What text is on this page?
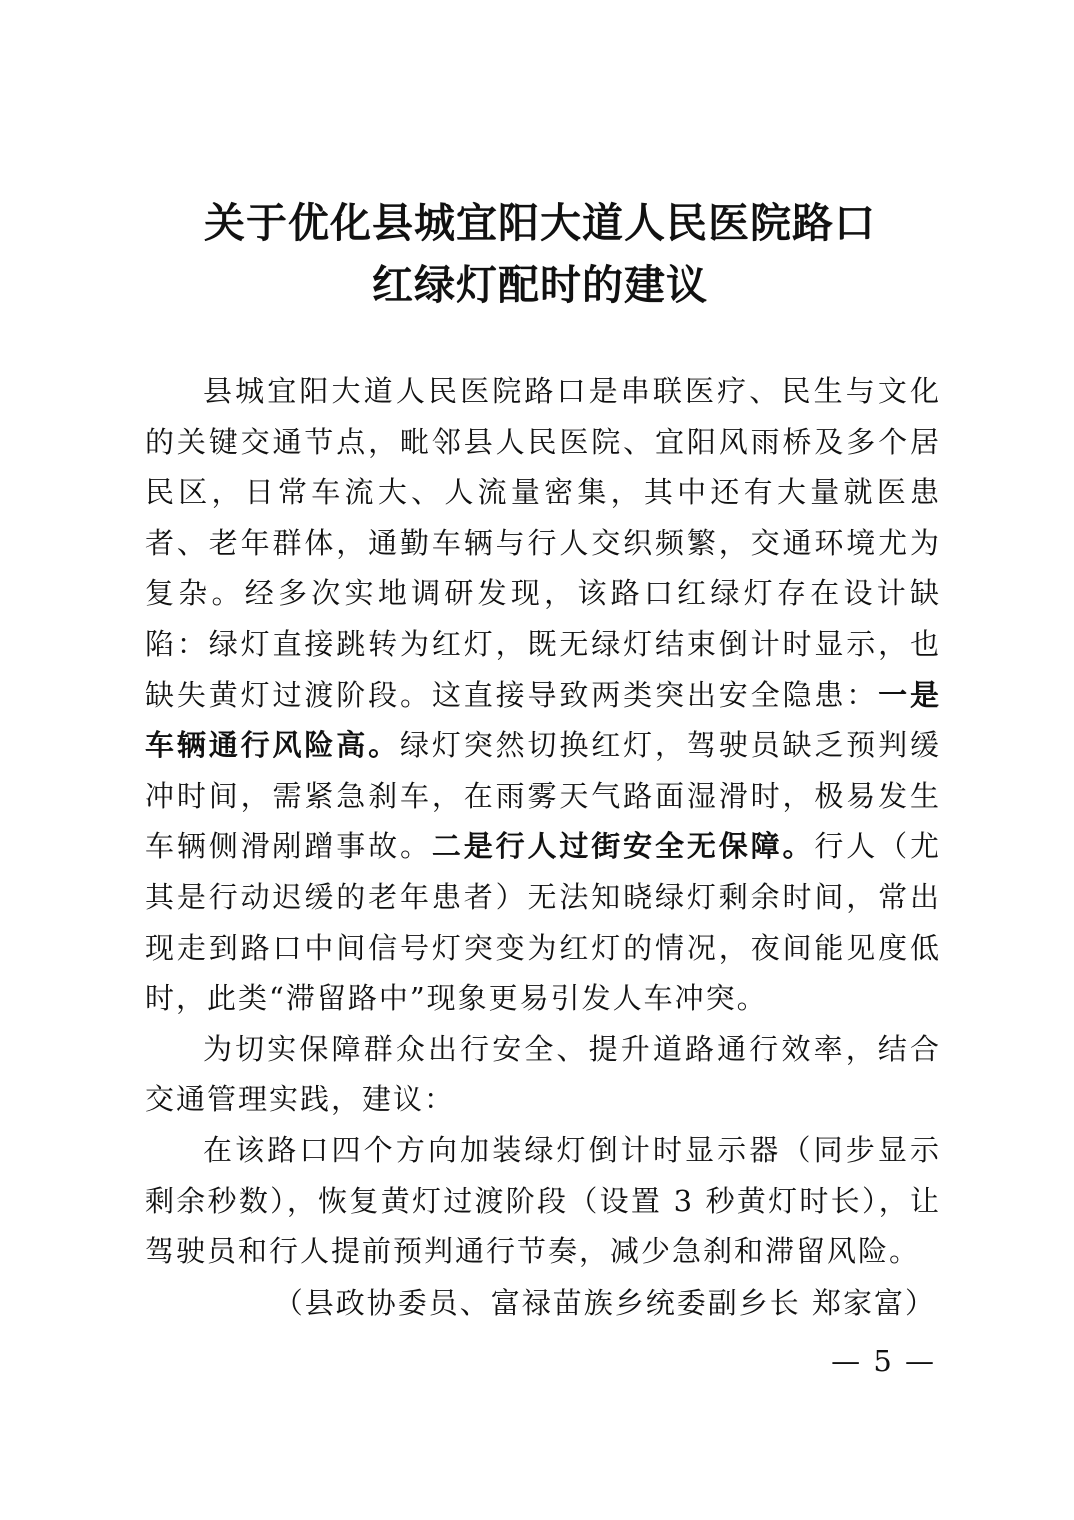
关于优化县城宜阳大道人民医院路口
红绿灯配时的建议

县城宜阳大道人民医院路口是串联医疗、民生与文化的关键交通节点，毗邻县人民医院、宜阳风雨桥及多个居民区，日常车流大、人流量密集，其中还有大量就医患者、老年群体，通勤车辆与行人交织频繁，交通环境尤为复杂。经多次实地调研发现，该路口红绿灯存在设计缺陷：绿灯直接跳转为红灯，既无绿灯结束倒计时显示，也缺失黄灯过渡阶段。这直接导致两类突出安全隐患：一是车辆通行风险高。绿灯突然切换红灯，驾驶员缺乏预判缓冲时间，需紧急刹车，在雨雾天气路面湿滑时，极易发生车辆侧滑剐蹭事故。二是行人过街安全无保障。行人（尤其是行动迟缓的老年患者）无法知晓绿灯剩余时间，常出现走到路口中间信号灯突变为红灯的情况，夜间能见度低时，此类“滞留路中”现象更易引发人车冲突。

为切实保障群众出行安全、提升道路通行效率，结合交通管理实践，建议：

在该路口四个方向加装绿灯倒计时显示器（同步显示剩余秒数），恢复黄灯过渡阶段（设置 3 秒黄灯时长），让驾驶员和行人提前预判通行节奏，减少急刹和滞留风险。

（县政协委员、富禄苗族乡统委副乡长 郑家富）
— 5 —
